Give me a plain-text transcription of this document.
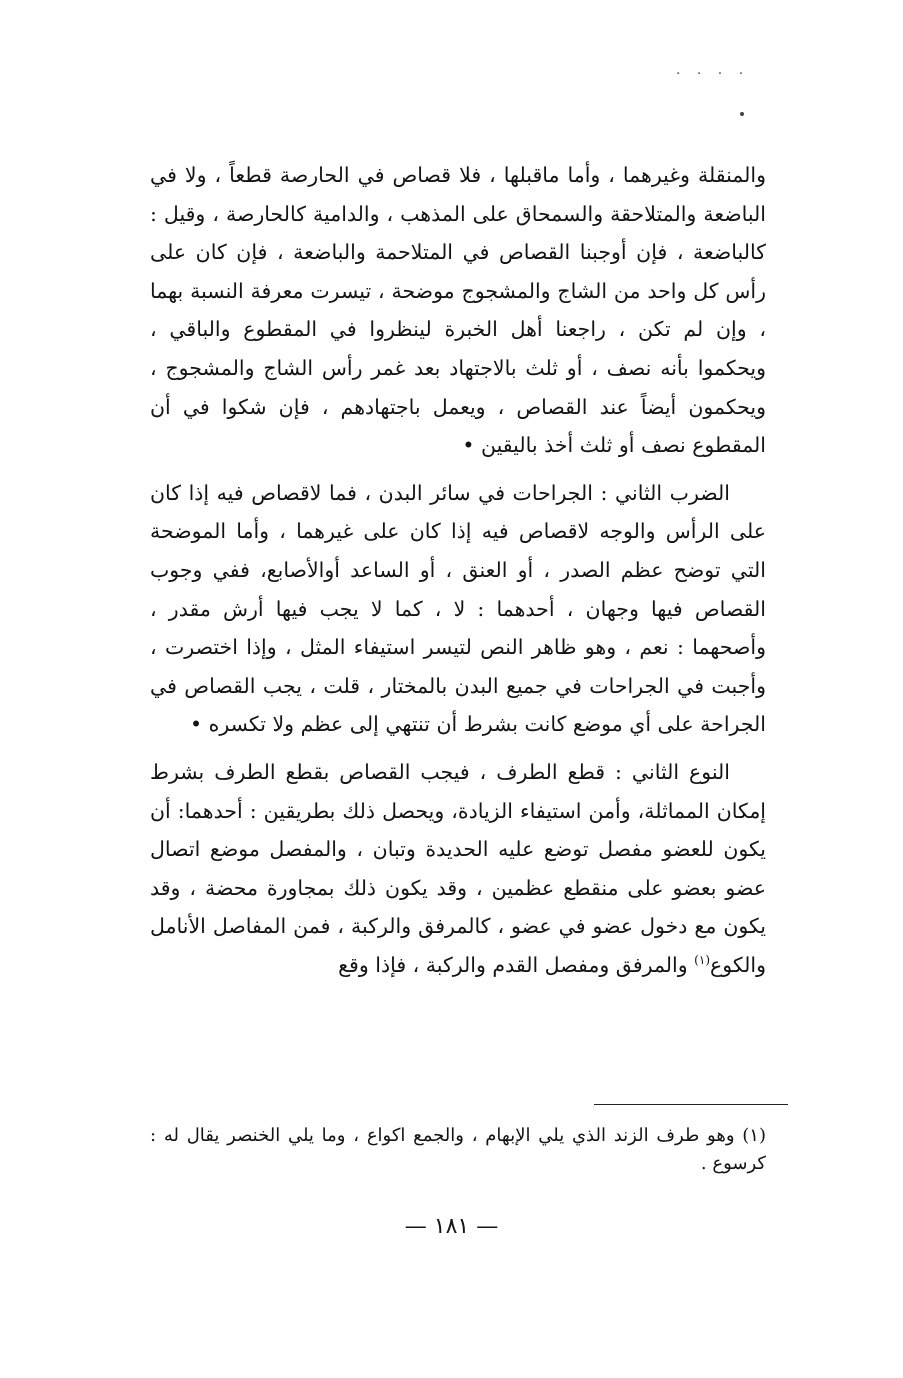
. . . .

والمنقلة وغيرهما ، وأما ماقبلها ، فلا قصاص في الحارصة قطعاً ، ولا في الباضعة والمتلاحقة والسمحاق على المذهب ، والدامية كالحارصة ، وقيل : كالباضعة ، فإن أوجبنا القصاص في المتلاحمة والباضعة ، فإن كان على رأس كل واحد من الشاج والمشجوج موضحة ، تيسرت معرفة النسبة بهما ، وإن لم تكن ، راجعنا أهل الخبرة لينظروا في المقطوع والباقي ، ويحكموا بأنه نصف ، أو ثلث بالاجتهاد بعد غمر رأس الشاج والمشجوج ، ويحكمون أيضاً عند القصاص ، ويعمل باجتهادهم ، فإن شكوا في أن المقطوع نصف أو ثلث أخذ باليقين •

الضرب الثاني : الجراحات في سائر البدن ، فما لاقصاص فيه إذا كان على الرأس والوجه لاقصاص فيه إذا كان على غيرهما ، وأما الموضحة التي توضح عظم الصدر ، أو العنق ، أو الساعد أوالأصابع، ففي وجوب القصاص فيها وجهان ، أحدهما : لا ، كما لا يجب فيها أرش مقدر ، وأصحهما : نعم ، وهو ظاهر النص لتيسر استيفاء المثل ، وإذا اختصرت ، وأجبت في الجراحات في جميع البدن بالمختار ، قلت ، يجب القصاص في الجراحة على أي موضع كانت بشرط أن تنتهي إلى عظم ولا تكسره •

النوع الثاني : قطع الطرف ، فيجب القصاص بقطع الطرف بشرط إمكان المماثلة، وأمن استيفاء الزيادة، ويحصل ذلك بطريقين : أحدهما: أن يكون للعضو مفصل توضع عليه الحديدة وتبان ، والمفصل موضع اتصال عضو بعضو على منقطع عظمين ، وقد يكون ذلك بمجاورة محضة ، وقد يكون مع دخول عضو في عضو ، كالمرفق والركبة ، فمن المفاصل الأنامل والكوع$^{(١)}$ والمرفق ومفصل القدم والركبة ، فإذا وقع

(١) وهو طرف الزند الذي يلي الإبهام ، والجمع اكواع ، وما يلي الخنصر يقال له : كرسوع .

— ١٨١ —
